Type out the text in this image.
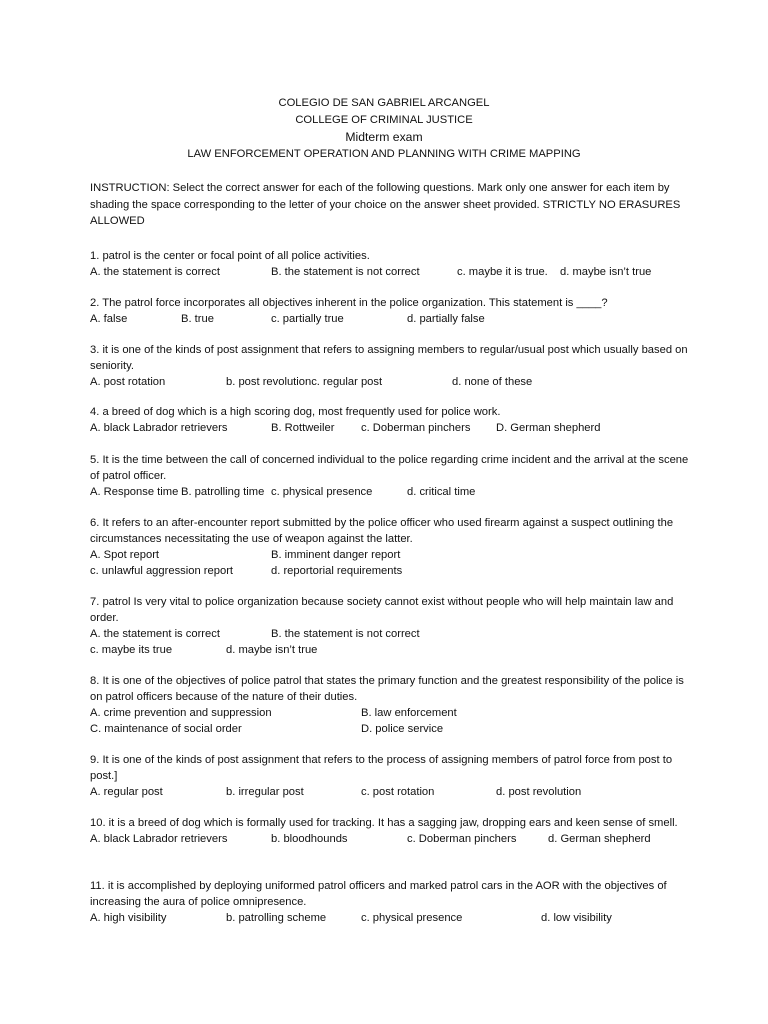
COLEGIO DE SAN GABRIEL ARCANGEL
COLLEGE OF CRIMINAL JUSTICE
Midterm exam
LAW ENFORCEMENT OPERATION AND PLANNING WITH CRIME MAPPING
INSTRUCTION: Select the correct answer for each of the following questions. Mark only one answer for each item by shading the space corresponding to the letter of your choice on the answer sheet provided. STRICTLY NO ERASURES ALLOWED
1. patrol is the center or focal point of all police activities.
A. the statement is correct	B. the statement is not correct	c. maybe it is true. d. maybe isn’t true
2. The patrol force incorporates all objectives inherent in the police organization. This statement is ____?
A. false	B. true	c. partially true	d. partially false
3. it is one of the kinds of post assignment that refers to assigning members to regular/usual post which usually based on seniority.
A. post rotation	b. post revolutionc. regular post	d. none of these
4. a breed of dog which is a high scoring dog, most frequently used for police work.
A. black Labrador retrievers	B. Rottweiler c. Doberman pinchers D. German shepherd
5. It is the time between the call of concerned individual to the police regarding crime incident and the arrival at the scene of patrol officer.
A. Response time B. patrolling time c. physical presence	d. critical time
6. It refers to an after-encounter report submitted by the police officer who used firearm against a suspect outlining the circumstances necessitating the use of weapon against the latter.
A. Spot report	B. imminent danger report
c. unlawful aggression report	d. reportorial requirements
7. patrol Is very vital to police organization because society cannot exist without people who will help maintain law and order.
A. the statement is correct	B. the statement is not correct
c. maybe its true	d. maybe isn’t true
8. It is one of the objectives of police patrol that states the primary function and the greatest responsibility of the police is on patrol officers because of the nature of their duties.
A. crime prevention and suppression	B. law enforcement
C. maintenance of social order	D. police service
9. It is one of the kinds of post assignment that refers to the process of assigning members of patrol force from post to post.]
A. regular post	b. irregular post	c. post rotation	d. post revolution
10. it is a breed of dog which is formally used for tracking. It has a sagging jaw, dropping ears and keen sense of smell.
A. black Labrador retrievers	b. bloodhounds	c. Doberman pinchers	d. German shepherd
11. it is accomplished by deploying uniformed patrol officers and marked patrol cars in the AOR with the objectives of increasing the aura of police omnipresence.
A. high visibility	b. patrolling scheme	c. physical presence	d. low visibility
